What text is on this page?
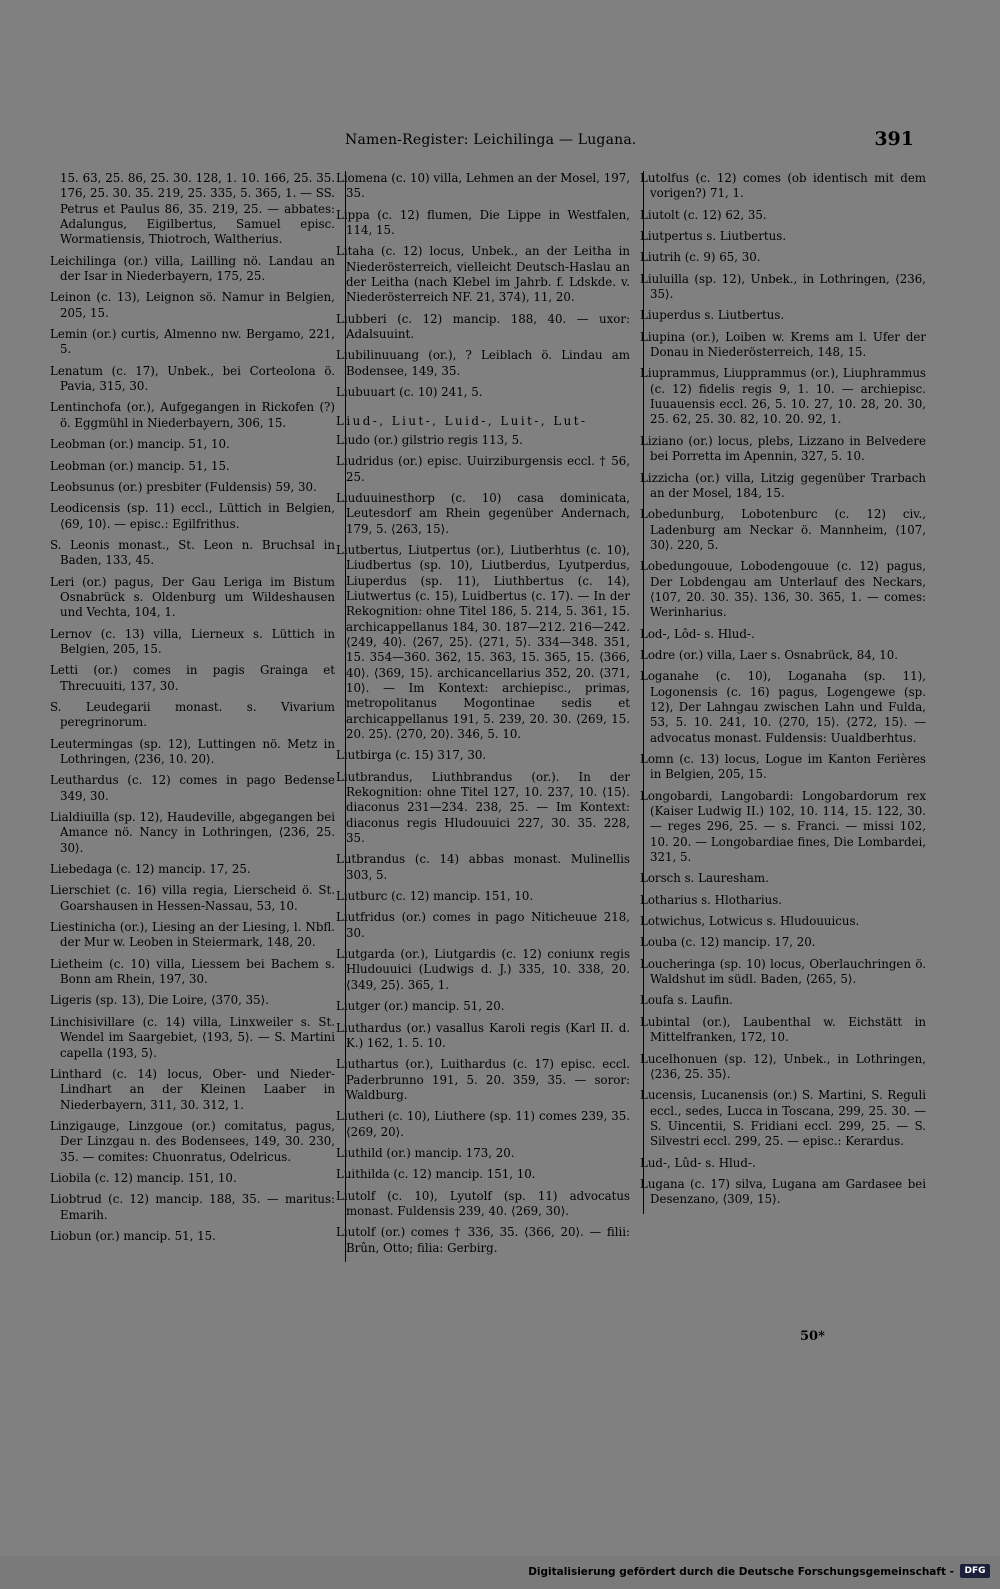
Namen-Register: Leichilinga — Lugana.	391
15. 63, 25. 86, 25. 30. 128, 1. 10. 166, 25. 35. 176, 25. 30. 35. 219, 25. 335, 5. 365, 1. — SS. Petrus et Paulus 86, 35. 219, 25. — abbates: Adalungus, Eigilbertus, Samuel episc. Wormatiensis, Thiotroch, Waltherius.
Leichilinga (or.) villa, Lailling nö. Landau an der Isar in Niederbayern, 175, 25.
Leinon (c. 13), Leignon sö. Namur in Belgien, 205, 15.
Lemin (or.) curtis, Almenno nw. Bergamo, 221, 5.
Lenatum (c. 17), Unbek., bei Corteolona ö. Pavia, 315, 30.
Lentinchofa (or.), Aufgegangen in Rickofen (?) ö. Eggmühl in Niederbayern, 306, 15.
Leobman (or.) mancip. 51, 10.
Leobman (or.) mancip. 51, 15.
Leobsunus (or.) presbiter (Fuldensis) 59, 30.
Leodicensis (sp. 11) eccl., Lüttich in Belgien, ⟨69, 10⟩. — episc.: Egilfrithus.
S. Leonis monast., St. Leon n. Bruchsal in Baden, 133, 45.
Leri (or.) pagus, Der Gau Leriga im Bistum Osnabrück s. Oldenburg um Wildeshausen und Vechta, 104, 1.
Lernov (c. 13) villa, Lierneux s. Lüttich in Belgien, 205, 15.
Letti (or.) comes in pagis Grainga et Threcuuiti, 137, 30.
S. Leudegarii monast. s. Vivarium peregrinorum.
Leutermingas (sp. 12), Luttingen nö. Metz in Lothringen, ⟨236, 10. 20⟩.
Leuthardus (c. 12) comes in pago Bedense 349, 30.
Lialdiuilla (sp. 12), Haudeville, abgegangen bei Amance nö. Nancy in Lothringen, ⟨236, 25. 30⟩.
Liebedaga (c. 12) mancip. 17, 25.
Lierschiet (c. 16) villa regia, Lierscheid ö. St. Goarshausen in Hessen-Nassau, 53, 10.
Liestinicha (or.), Liesing an der Liesing, l. Nbfl. der Mur w. Leoben in Steiermark, 148, 20.
Lietheim (c. 10) villa, Liessem bei Bachem s. Bonn am Rhein, 197, 30.
Ligeris (sp. 13), Die Loire, ⟨370, 35⟩.
Linchisivillare (c. 14) villa, Linxweiler s. St. Wendel im Saargebiet, ⟨193, 5⟩. — S. Martini capella ⟨193, 5⟩.
Linthard (c. 14) locus, Ober- und Nieder-Lindhart an der Kleinen Laaber in Niederbayern, 311, 30. 312, 1.
Linzigauge, Linzgoue (or.) comitatus, pagus, Der Linzgau n. des Bodensees, 149, 30. 230, 35. — comites: Chuonratus, Odelricus.
Liobila (c. 12) mancip. 151, 10.
Liobtrud (c. 12) mancip. 188, 35. — maritus: Emarih.
Liobun (or.) mancip. 51, 15.
Liomena (c. 10) villa, Lehmen an der Mosel, 197, 35.
Lippa (c. 12) flumen, Die Lippe in Westfalen, 114, 15.
Litaha (c. 12) locus, Unbek., an der Leitha in Niederösterreich, vielleicht Deutsch-Haslau an der Leitha (nach Klebel im Jahrb. f. Ldskde. v. Niederösterreich NF. 21, 374), 11, 20.
Liubberi (c. 12) mancip. 188, 40. — uxor: Adalsuuint.
Liubilinuuang (or.), ? Leiblach ö. Lindau am Bodensee, 149, 35.
Liubuuart (c. 10) 241, 5.
Liud-, Liut-, Luid-, Luit-, Lut-
Liudo (or.) gilstrio regis 113, 5.
Liudridus (or.) episc. Uuirziburgensis eccl. † 56, 25.
Liuduuinesthorp (c. 10) casa dominicata, Leutesdorf am Rhein gegenüber Andernach, 179, 5. ⟨263, 15⟩.
Liutbertus, Liutpertus (or.), Liutberhtus (c. 10), Liudbertus (sp. 10), Liutberdus, Lyutperdus, Liuperdus (sp. 11), Liuthbertus (c. 14), Liutwertus (c. 15), Luidbertus (c. 17). — In der Rekognition: ohne Titel 186, 5. 214, 5. 361, 15. archicappellanus 184, 30. 187—212. 216—242. ⟨249, 40⟩. ⟨267, 25⟩. ⟨271, 5⟩. 334—348. 351, 15. 354—360. 362, 15. 363, 15. 365, 15. ⟨366, 40⟩. ⟨369, 15⟩. archicancellarius 352, 20. ⟨371, 10⟩. — Im Kontext: archiepisc., primas, metropolitanus Mogontinae sedis et archicappellanus 191, 5. 239, 20. 30. ⟨269, 15. 20. 25⟩. ⟨270, 20⟩. 346, 5. 10.
Liutbirga (c. 15) 317, 30.
Liutbrandus, Liuthbrandus (or.). In der Rekognition: ohne Titel 127, 10. 237, 10. ⟨15⟩. diaconus 231—234. 238, 25. — Im Kontext: diaconus regis Hludouuici 227, 30. 35. 228, 35.
Lutbrandus (c. 14) abbas monast. Mulinellis 303, 5.
Liutburc (c. 12) mancip. 151, 10.
Liutfridus (or.) comes in pago Niticheuue 218, 30.
Liutgarda (or.), Liutgardis (c. 12) coniunx regis Hludouuici (Ludwigs d. J.) 335, 10. 338, 20. ⟨349, 25⟩. 365, 1.
Liutger (or.) mancip. 51, 20.
Liuthardus (or.) vasallus Karoli regis (Karl II. d. K.) 162, 1. 5. 10.
Liuthartus (or.), Luithardus (c. 17) episc. eccl. Paderbrunno 191, 5. 20. 359, 35. — soror: Waldburg.
Liutheri (c. 10), Liuthere (sp. 11) comes 239, 35. ⟨269, 20⟩.
Liuthild (or.) mancip. 173, 20.
Luithilda (c. 12) mancip. 151, 10.
Liutolf (c. 10), Lyutolf (sp. 11) advocatus monast. Fuldensis 239, 40. ⟨269, 30⟩.
Liutolf (or.) comes † 336, 35. ⟨366, 20⟩. — filii: Brûn, Otto; filia: Gerbirg.
Lutolfus (c. 12) comes (ob identisch mit dem vorigen?) 71, 1.
Liutolt (c. 12) 62, 35.
Liutpertus s. Liutbertus.
Liutrih (c. 9) 65, 30.
Liuluilla (sp. 12), Unbek., in Lothringen, ⟨236, 35⟩.
Liuperdus s. Liutbertus.
Liupina (or.), Loiben w. Krems am l. Ufer der Donau in Niederösterreich, 148, 15.
Liuprammus, Liupprammus (or.), Liuphrammus (c. 12) fidelis regis 9, 1. 10. — archiepisc. Iuuauensis eccl. 26, 5. 10. 27, 10. 28, 20. 30, 25. 62, 25. 30. 82, 10. 20. 92, 1.
Liziano (or.) locus, plebs, Lizzano in Belvedere bei Porretta im Apennin, 327, 5. 10.
Lizzicha (or.) villa, Litzig gegenüber Trarbach an der Mosel, 184, 15.
Lobedunburg, Lobotenburc (c. 12) civ., Ladenburg am Neckar ö. Mannheim, ⟨107, 30⟩. 220, 5.
Lobedungouue, Lobodengouue (c. 12) pagus, Der Lobdengau am Unterlauf des Neckars, ⟨107, 20. 30. 35⟩. 136, 30. 365, 1. — comes: Werinharius.
Lod-, Lôd- s. Hlud-.
Lodre (or.) villa, Laer s. Osnabrück, 84, 10.
Loganahe (c. 10), Loganaha (sp. 11), Logonensis (c. 16) pagus, Logengewe (sp. 12), Der Lahngau zwischen Lahn und Fulda, 53, 5. 10. 241, 10. ⟨270, 15⟩. ⟨272, 15⟩. — advocatus monast. Fuldensis: Uualdberhtus.
Lomn (c. 13) locus, Logue im Kanton Ferières in Belgien, 205, 15.
Longobardi, Langobardi: Longobardorum rex (Kaiser Ludwig II.) 102, 10. 114, 15. 122, 30. — reges 296, 25. — s. Franci. — missi 102, 10. 20. — Longobardiae fines, Die Lombardei, 321, 5.
Lorsch s. Lauresham.
Lotharius s. Hlotharius.
Lotwichus, Lotwicus s. Hludouuicus.
Louba (c. 12) mancip. 17, 20.
Loucheringa (sp. 10) locus, Oberlauchringen ö. Waldshut im südl. Baden, ⟨265, 5⟩.
Loufa s. Laufin.
Lubintal (or.), Laubenthal w. Eichstätt in Mittelfranken, 172, 10.
Lucelhonuen (sp. 12), Unbek., in Lothringen, ⟨236, 25. 35⟩.
Lucensis, Lucanensis (or.) S. Martini, S. Reguli eccl., sedes, Lucca in Toscana, 299, 25. 30. — S. Uincentii, S. Fridiani eccl. 299, 25. — S. Silvestri eccl. 299, 25. — episc.: Kerardus.
Lud-, Lûd- s. Hlud-.
Lugana (c. 17) silva, Lugana am Gardasee bei Desenzano, ⟨309, 15⟩.
50*
Digitalisierung gefördert durch die Deutsche Forschungsgemeinschaft -	DFG
